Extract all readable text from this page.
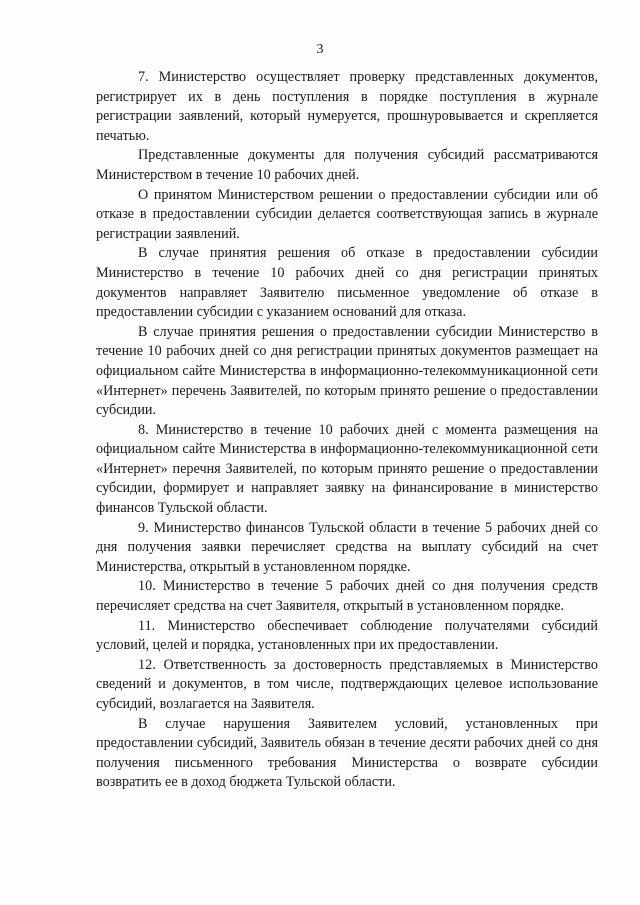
3

7. Министерство осуществляет проверку представленных документов, регистрирует их в день поступления в порядке поступления в журнале регистрации заявлений, который нумеруется, прошнуровывается и скрепляется печатью.

Представленные документы для получения субсидий рассматриваются Министерством в течение 10 рабочих дней.

О принятом Министерством решении о предоставлении субсидии или об отказе в предоставлении субсидии делается соответствующая запись в журнале регистрации заявлений.

В случае принятия решения об отказе в предоставлении субсидии Министерство в течение 10 рабочих дней со дня регистрации принятых документов направляет Заявителю письменное уведомление об отказе в предоставлении субсидии с указанием оснований для отказа.

В случае принятия решения о предоставлении субсидии Министерство в течение 10 рабочих дней со дня регистрации принятых документов размещает на официальном сайте Министерства в информационно-телекоммуникационной сети «Интернет» перечень Заявителей, по которым принято решение о предоставлении субсидии.

8. Министерство в течение 10 рабочих дней с момента размещения на официальном сайте Министерства в информационно-телекоммуникационной сети «Интернет» перечня Заявителей, по которым принято решение о предоставлении субсидии, формирует и направляет заявку на финансирование в министерство финансов Тульской области.

9. Министерство финансов Тульской области в течение 5 рабочих дней со дня получения заявки перечисляет средства на выплату субсидий на счет Министерства, открытый в установленном порядке.

10. Министерство в течение 5 рабочих дней со дня получения средств перечисляет средства на счет Заявителя, открытый в установленном порядке.

11. Министерство обеспечивает соблюдение получателями субсидий условий, целей и порядка, установленных при их предоставлении.

12. Ответственность за достоверность представляемых в Министерство сведений и документов, в том числе, подтверждающих целевое использование субсидий, возлагается на Заявителя.

В случае нарушения Заявителем условий, установленных при предоставлении субсидий, Заявитель обязан в течение десяти рабочих дней со дня получения письменного требования Министерства о возврате субсидии возвратить ее в доход бюджета Тульской области.
